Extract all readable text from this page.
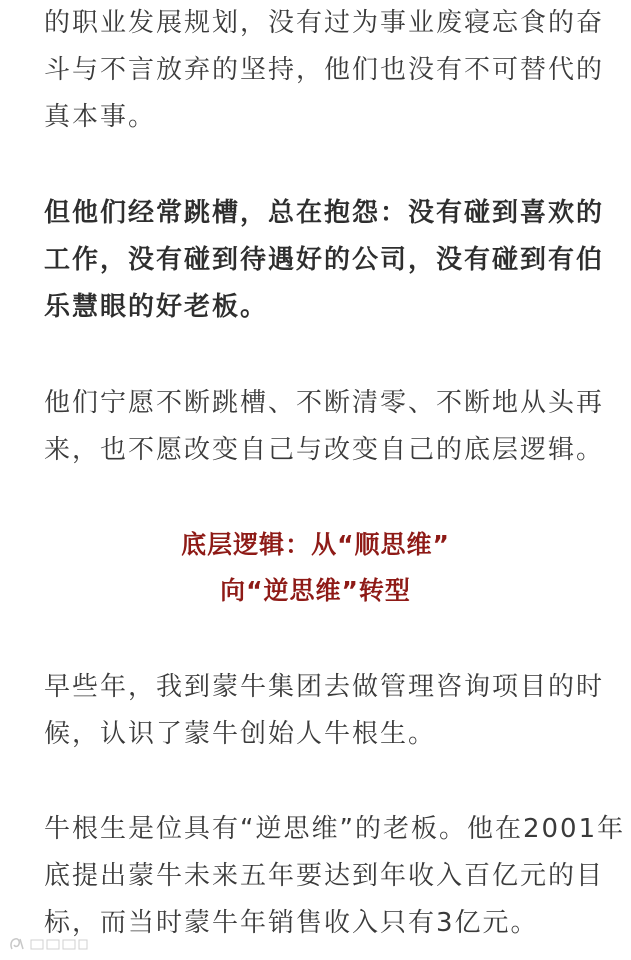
的职业发展规划，没有过为事业废寝忘食的奋
斗与不言放弃的坚持，他们也没有不可替代的
真本事。

但他们经常跳槽，总在抱怨：没有碰到喜欢的
工作，没有碰到待遇好的公司，没有碰到有伯
乐慧眼的好老板。

他们宁愿不断跳槽、不断清零、不断地从头再
来，也不愿改变自己与改变自己的底层逻辑。

底层逻辑：从“顺思维”
向“逆思维”转型

早些年，我到蒙牛集团去做管理咨询项目的时
候，认识了蒙牛创始人牛根生。

牛根生是位具有“逆思维”的老板。他在2001年
底提出蒙牛未来五年要达到年收入百亿元的目
标，而当时蒙牛年销售收入只有3亿元。
